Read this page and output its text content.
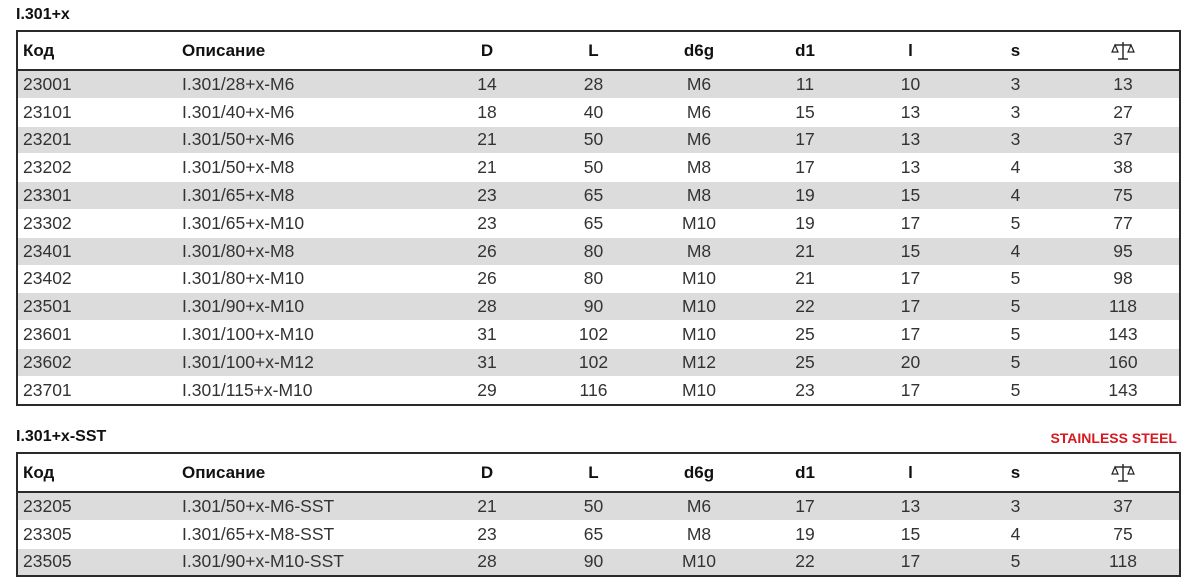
I.301+x
Код	Описание	D	L	d6g	d1	l	s	
23001	I.301/28+x-M6	14	28	M6	11	10	3	13
23101	I.301/40+x-M6	18	40	M6	15	13	3	27
23201	I.301/50+x-M6	21	50	M6	17	13	3	37
23202	I.301/50+x-M8	21	50	M8	17	13	4	38
23301	I.301/65+x-M8	23	65	M8	19	15	4	75
23302	I.301/65+x-M10	23	65	M10	19	17	5	77
23401	I.301/80+x-M8	26	80	M8	21	15	4	95
23402	I.301/80+x-M10	26	80	M10	21	17	5	98
23501	I.301/90+x-M10	28	90	M10	22	17	5	118
23601	I.301/100+x-M10	31	102	M10	25	17	5	143
23602	I.301/100+x-M12	31	102	M12	25	20	5	160
23701	I.301/115+x-M10	29	116	M10	23	17	5	143
I.301+x-SST	STAINLESS STEEL
Код	Описание	D	L	d6g	d1	l	s	
23205	I.301/50+x-M6-SST	21	50	M6	17	13	3	37
23305	I.301/65+x-M8-SST	23	65	M8	19	15	4	75
23505	I.301/90+x-M10-SST	28	90	M10	22	17	5	118
